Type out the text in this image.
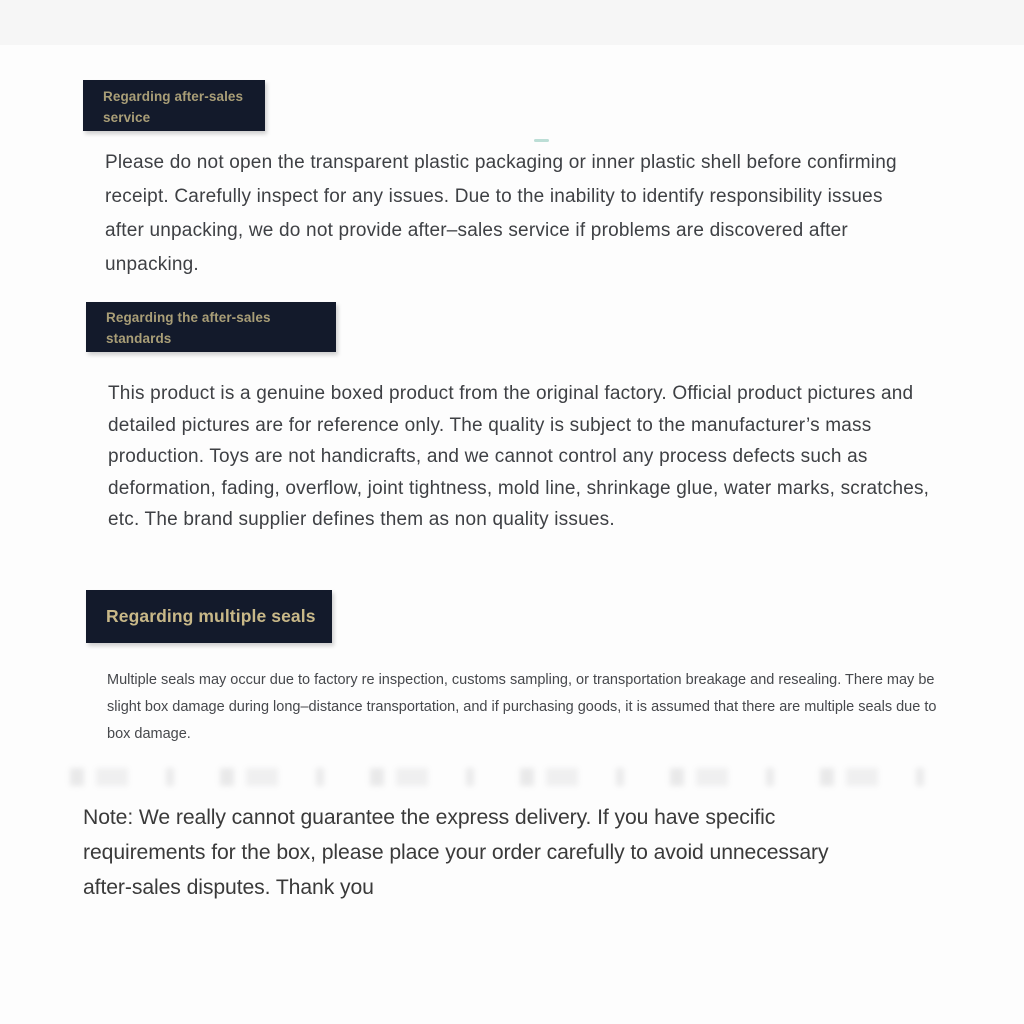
Regarding after-sales service

Please do not open the transparent plastic packaging or inner plastic shell before confirming receipt. Carefully inspect for any issues. Due to the inability to identify responsibility issues after unpacking, we do not provide after–sales service if problems are discovered after unpacking.

Regarding the after-sales standards

This product is a genuine boxed product from the original factory. Official product pictures and detailed pictures are for reference only. The quality is subject to the manufacturer’s mass production. Toys are not handicrafts, and we cannot control any process defects such as deformation, fading, overflow, joint tightness, mold line, shrinkage glue, water marks, scratches, etc. The brand supplier defines them as non quality issues.

Regarding multiple seals

Multiple seals may occur due to factory re inspection, customs sampling, or transportation breakage and resealing. There may be slight box damage during long–distance transportation, and if purchasing goods, it is assumed that there are multiple seals due to box damage.

Note: We really cannot guarantee the express delivery. If you have specific requirements for the box, please place your order carefully to avoid unnecessary after-sales disputes. Thank you
